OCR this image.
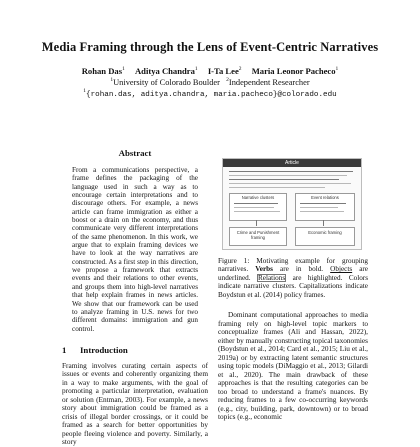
Media Framing through the Lens of Event-Centric Narratives
Rohan Das$^1$ Aditya Chandra$^1$ I-Ta Lee$^2$ Maria Leonor Pacheco$^1$
$^1$University of Colorado Boulder $^2$Independent Researcher
$^1${rohan.das, aditya.chandra, maria.pacheco}@colorado.edu
Abstract

From a communications perspective, a frame defines the packaging of the language used in such a way as to encourage certain interpretations and to discourage others. For example, a news article can frame immigration as either a boost or a drain on the economy, and thus communicate very different interpretations of the same phenomenon. In this work, we argue that to explain framing devices we have to look at the way narratives are constructed. As a first step in this direction, we propose a framework that extracts events and their relations to other events, and groups them into high-level narratives that help explain frames in news articles. We show that our framework can be used to analyze framing in U.S. news for two different domains: immigration and gun control.

1 Introduction

Framing involves curating certain aspects of issues or events and coherently organizing them in a way to make arguments, with the goal of promoting a particular interpretation, evaluation or solution (Entman, 2003). For example, a news story about immigration could be framed as a crisis of illegal border crossings, or it could be framed as a search for better opportunities by people fleeing violence and poverty. Similarly, a story

Article
Narrative clusters	Event relations
Crime and Punishment framing
Economic framing

Figure 1: Motivating example for grouping narratives. Verbs are in bold. Objects are underlined. Relations are highlighted. Colors indicate narrative clusters. Capitalizations indicate Boydstun et al. (2014) policy frames.

Dominant computational approaches to media framing rely on high-level topic markers to conceptualize frames (Ali and Hassan, 2022), either by manually constructing topical taxonomies (Boydstun et al., 2014; Card et al., 2015; Liu et al., 2019a) or by extracting latent semantic structures using topic models (DiMaggio et al., 2013; Gilardi et al., 2020). The main drawback of these approaches is that the resulting categories can be too broad to understand a frame's nuances. By reducing frames to a few co-occurring keywords (e.g., city, building, park, downtown) or to broad topics (e.g., economic
